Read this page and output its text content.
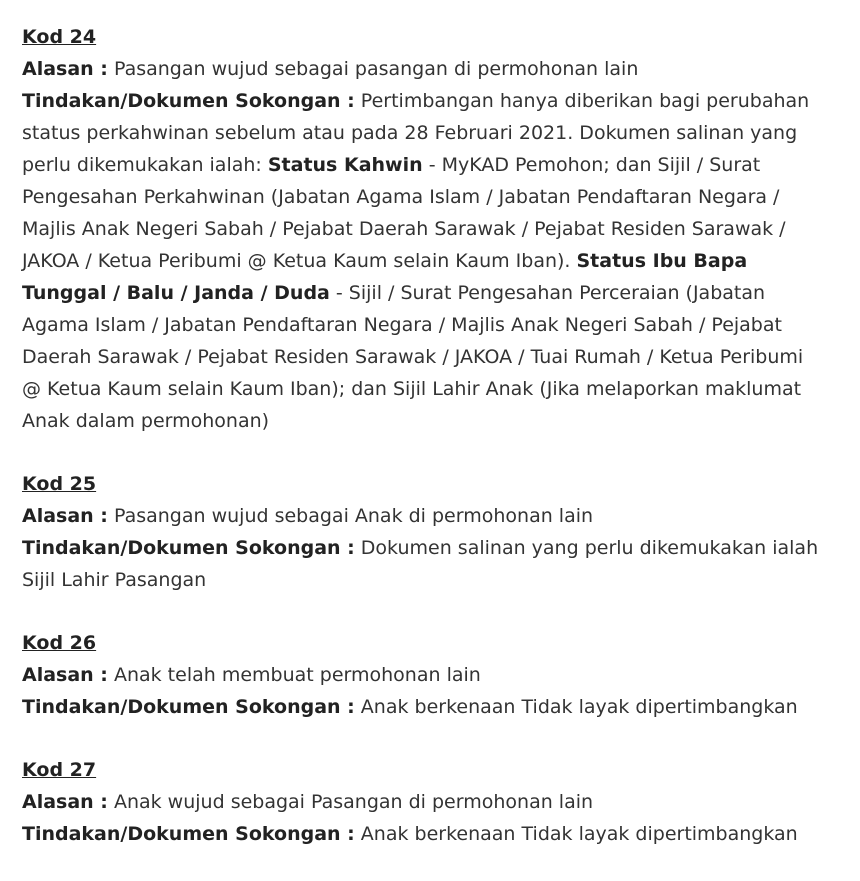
Kod 24
Alasan : Pasangan wujud sebagai pasangan di permohonan lain
Tindakan/Dokumen Sokongan : Pertimbangan hanya diberikan bagi perubahan status perkahwinan sebelum atau pada 28 Februari 2021. Dokumen salinan yang perlu dikemukakan ialah: Status Kahwin - MyKAD Pemohon; dan Sijil / Surat Pengesahan Perkahwinan (Jabatan Agama Islam / Jabatan Pendaftaran Negara / Majlis Anak Negeri Sabah / Pejabat Daerah Sarawak / Pejabat Residen Sarawak / JAKOA / Ketua Peribumi @ Ketua Kaum selain Kaum Iban). Status Ibu Bapa Tunggal / Balu / Janda / Duda - Sijil / Surat Pengesahan Perceraian (Jabatan Agama Islam / Jabatan Pendaftaran Negara / Majlis Anak Negeri Sabah / Pejabat Daerah Sarawak / Pejabat Residen Sarawak / JAKOA / Tuai Rumah / Ketua Peribumi @ Ketua Kaum selain Kaum Iban); dan Sijil Lahir Anak (Jika melaporkan maklumat Anak dalam permohonan)
Kod 25
Alasan : Pasangan wujud sebagai Anak di permohonan lain
Tindakan/Dokumen Sokongan : Dokumen salinan yang perlu dikemukakan ialah Sijil Lahir Pasangan
Kod 26
Alasan : Anak telah membuat permohonan lain
Tindakan/Dokumen Sokongan : Anak berkenaan Tidak layak dipertimbangkan
Kod 27
Alasan : Anak wujud sebagai Pasangan di permohonan lain
Tindakan/Dokumen Sokongan : Anak berkenaan Tidak layak dipertimbangkan
